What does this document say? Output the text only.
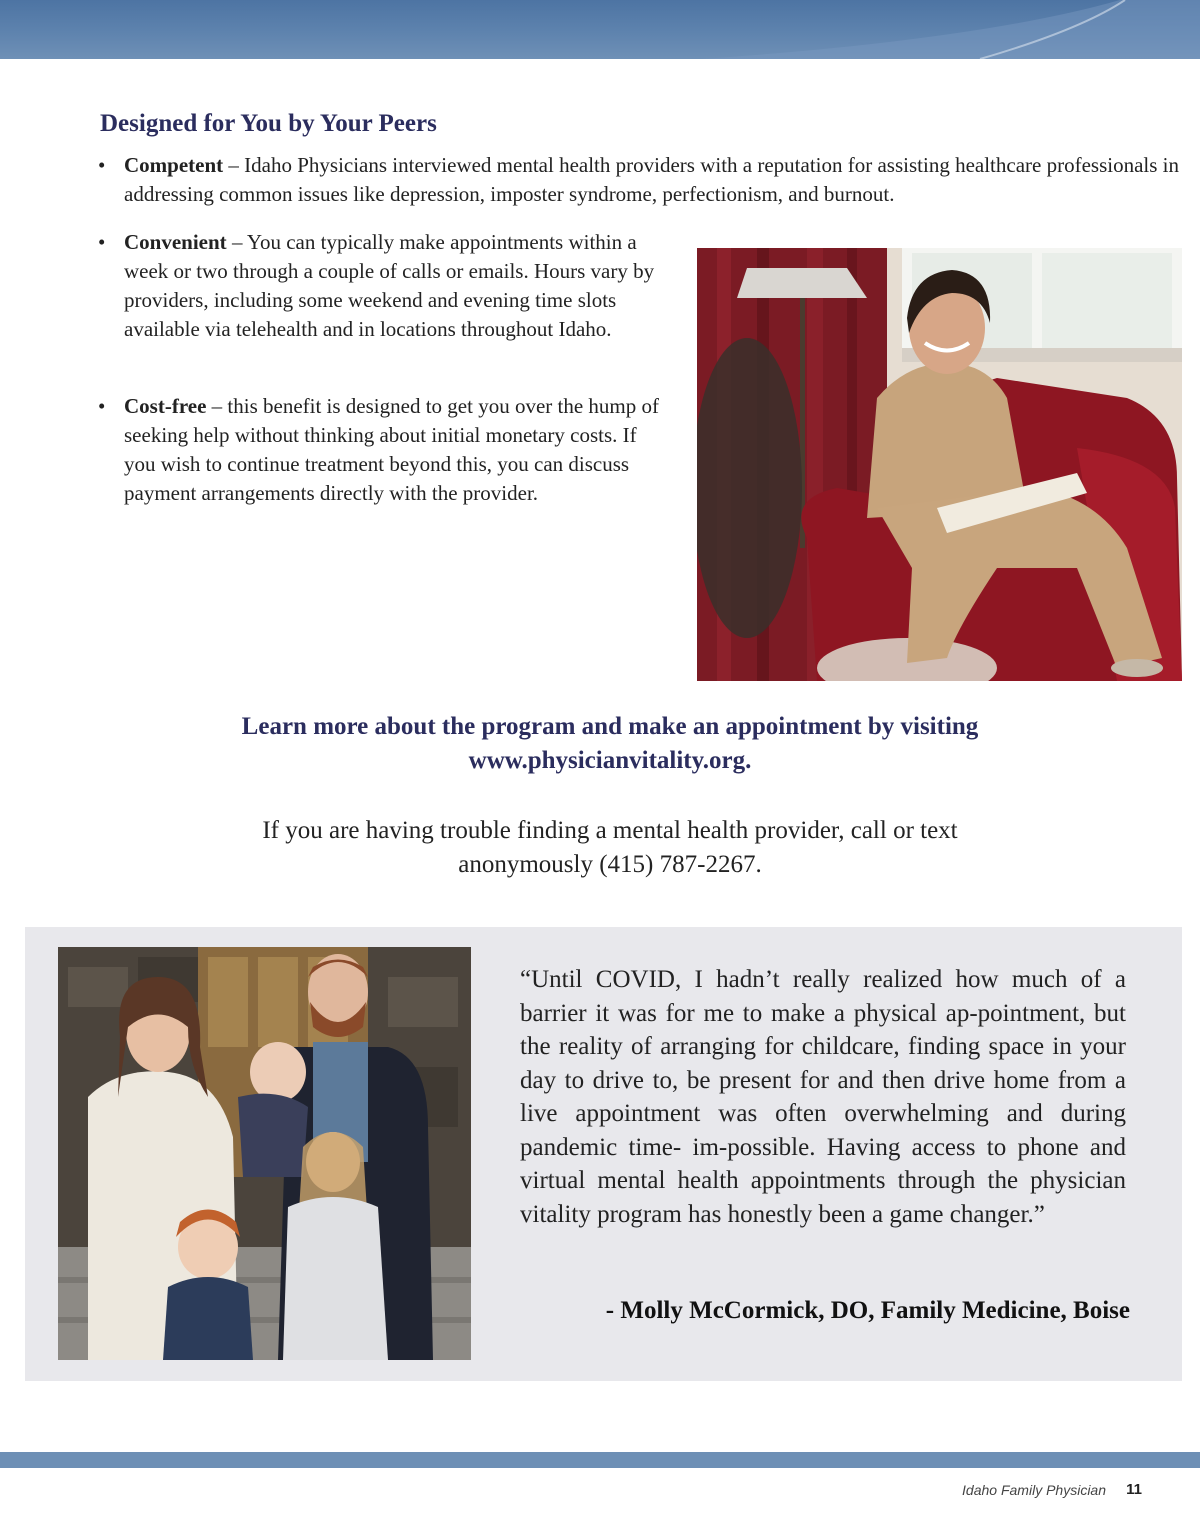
Designed for You by Your Peers
• Competent – Idaho Physicians interviewed mental health providers with a reputation for assisting healthcare professionals in addressing common issues like depression, imposter syndrome, perfectionism, and burnout.
• Convenient – You can typically make appointments within a week or two through a couple of calls or emails. Hours vary by providers, including some weekend and evening time slots available via telehealth and in locations throughout Idaho.
• Cost-free – this benefit is designed to get you over the hump of seeking help without thinking about initial monetary costs. If you wish to continue treatment beyond this, you can discuss payment arrangements directly with the provider.
Learn more about the program and make an appointment by visiting www.physicianvitality.org.
If you are having trouble finding a mental health provider, call or text anonymously (415) 787-2267.
“Until COVID, I hadn’t really realized how much of a barrier it was for me to make a physical ap-pointment, but the reality of arranging for childcare, finding space in your day to drive to, be present for and then drive home from a live appointment was often overwhelming and during pandemic time- im-possible. Having access to phone and virtual mental health appointments through the physician vitality program has honestly been a game changer.”
- Molly McCormick, DO, Family Medicine, Boise
Idaho Family Physician 11
